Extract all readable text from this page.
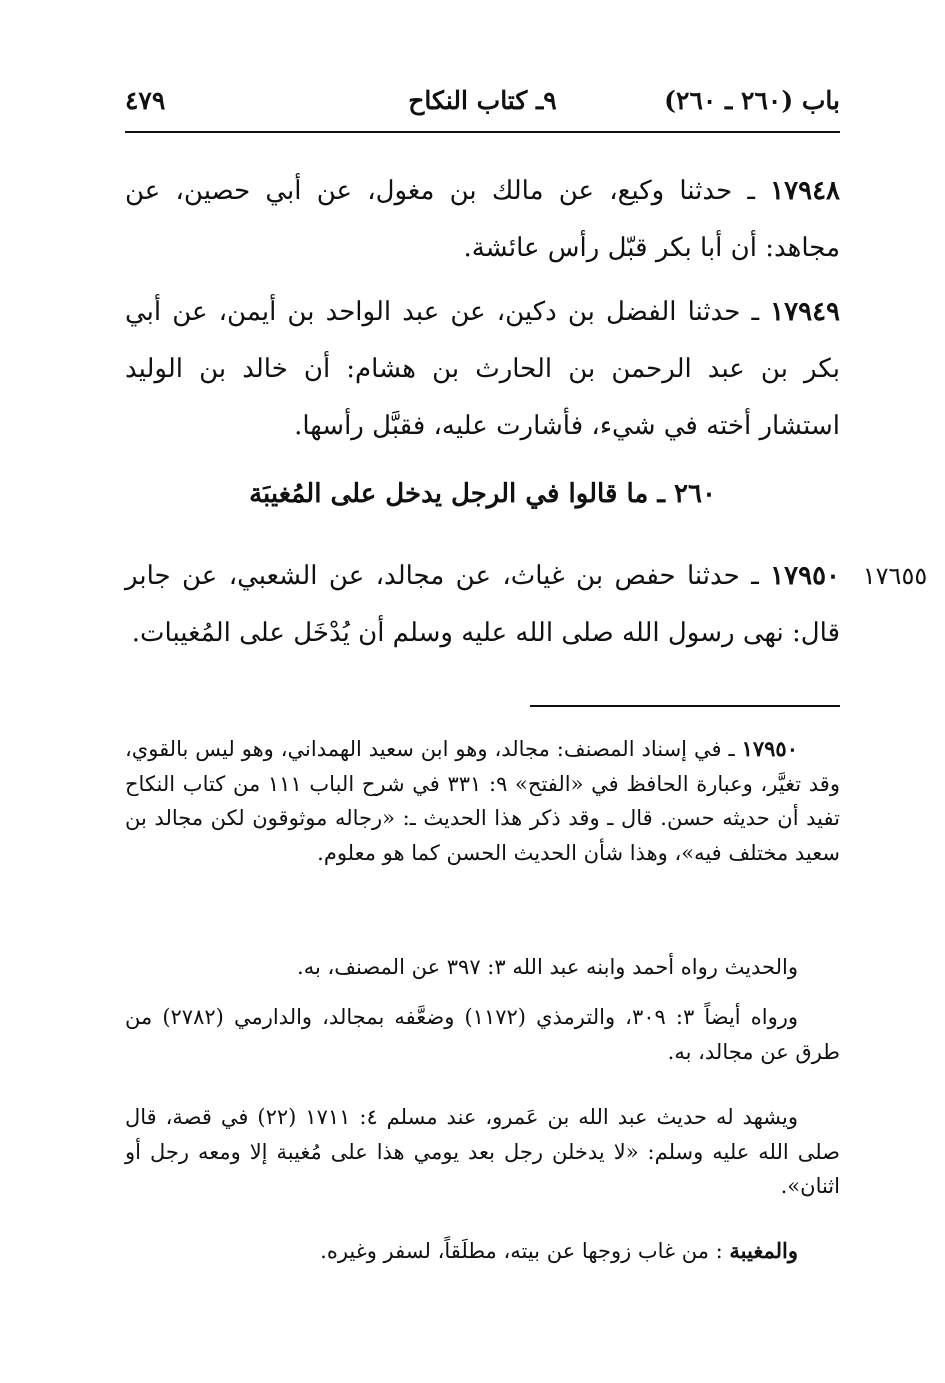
باب (٢٦٠ ـ ٢٦٠)
٩ـ كتاب النكاح
٤٧٩

١٧٩٤٨ ـ حدثنا وكيع، عن مالك بن مغول، عن أبي حصين، عن مجاهد: أن أبا بكر قبّل رأس عائشة.

١٧٩٤٩ ـ حدثنا الفضل بن دكين، عن عبد الواحد بن أيمن، عن أبي بكر بن عبد الرحمن بن الحارث بن هشام: أن خالد بن الوليد استشار أخته في شيء، فأشارت عليه، فقبَّل رأسها.

٢٦٠ ـ ما قالوا في الرجل يدخل على المُغيبَة
١٧٦٥٥

١٧٩٥٠ ـ حدثنا حفص بن غياث، عن مجالد، عن الشعبي، عن جابر قال: نهى رسول الله صلى الله عليه وسلم أن يُدْخَل على المُغيبات.

١٧٩٥٠ ـ في إسناد المصنف: مجالد، وهو ابن سعيد الهمداني، وهو ليس بالقوي، وقد تغيَّر، وعبارة الحافظ في «الفتح» ٩: ٣٣١ في شرح الباب ١١١ من كتاب النكاح تفيد أن حديثه حسن. قال ـ وقد ذكر هذا الحديث ـ: «رجاله موثوقون لكن مجالد بن سعيد مختلف فيه»، وهذا شأن الحديث الحسن كما هو معلوم.

والحديث رواه أحمد وابنه عبد الله ٣: ٣٩٧ عن المصنف، به.

ورواه أيضاً ٣: ٣٠٩، والترمذي (١١٧٢) وضعَّفه بمجالد، والدارمي (٢٧٨٢) من طرق عن مجالد، به.

ويشهد له حديث عبد الله بن عَمرو، عند مسلم ٤: ١٧١١ (٢٢) في قصة، قال صلى الله عليه وسلم: «لا يدخلن رجل بعد يومي هذا على مُغيبة إلا ومعه رجل أو اثنان».

والمغيبة : من غاب زوجها عن بيته، مطلَقاً، لسفر وغيره.
